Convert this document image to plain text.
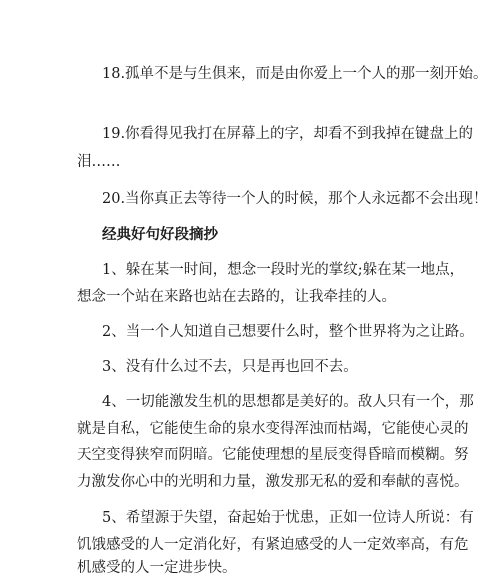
18.孤单不是与生俱来，而是由你爱上一个人的那一刻开始。
19.你看得见我打在屏幕上的字，却看不到我掉在键盘上的
泪……
20.当你真正去等待一个人的时候，那个人永远都不会出现！
经典好句好段摘抄
1、躲在某一时间，想念一段时光的掌纹;躲在某一地点，
想念一个站在来路也站在去路的，让我牵挂的人。
2、当一个人知道自己想要什么时，整个世界将为之让路。
3、没有什么过不去，只是再也回不去。
4、一切能激发生机的思想都是美好的。敌人只有一个，那
就是自私，它能使生命的泉水变得浑浊而枯竭，它能使心灵的
天空变得狭窄而阴暗。它能使理想的星辰变得昏暗而模糊。努
力激发你心中的光明和力量，激发那无私的爱和奉献的喜悦。
5、希望源于失望，奋起始于忧患，正如一位诗人所说：有
饥饿感受的人一定消化好，有紧迫感受的人一定效率高，有危
机感受的人一定进步快。
